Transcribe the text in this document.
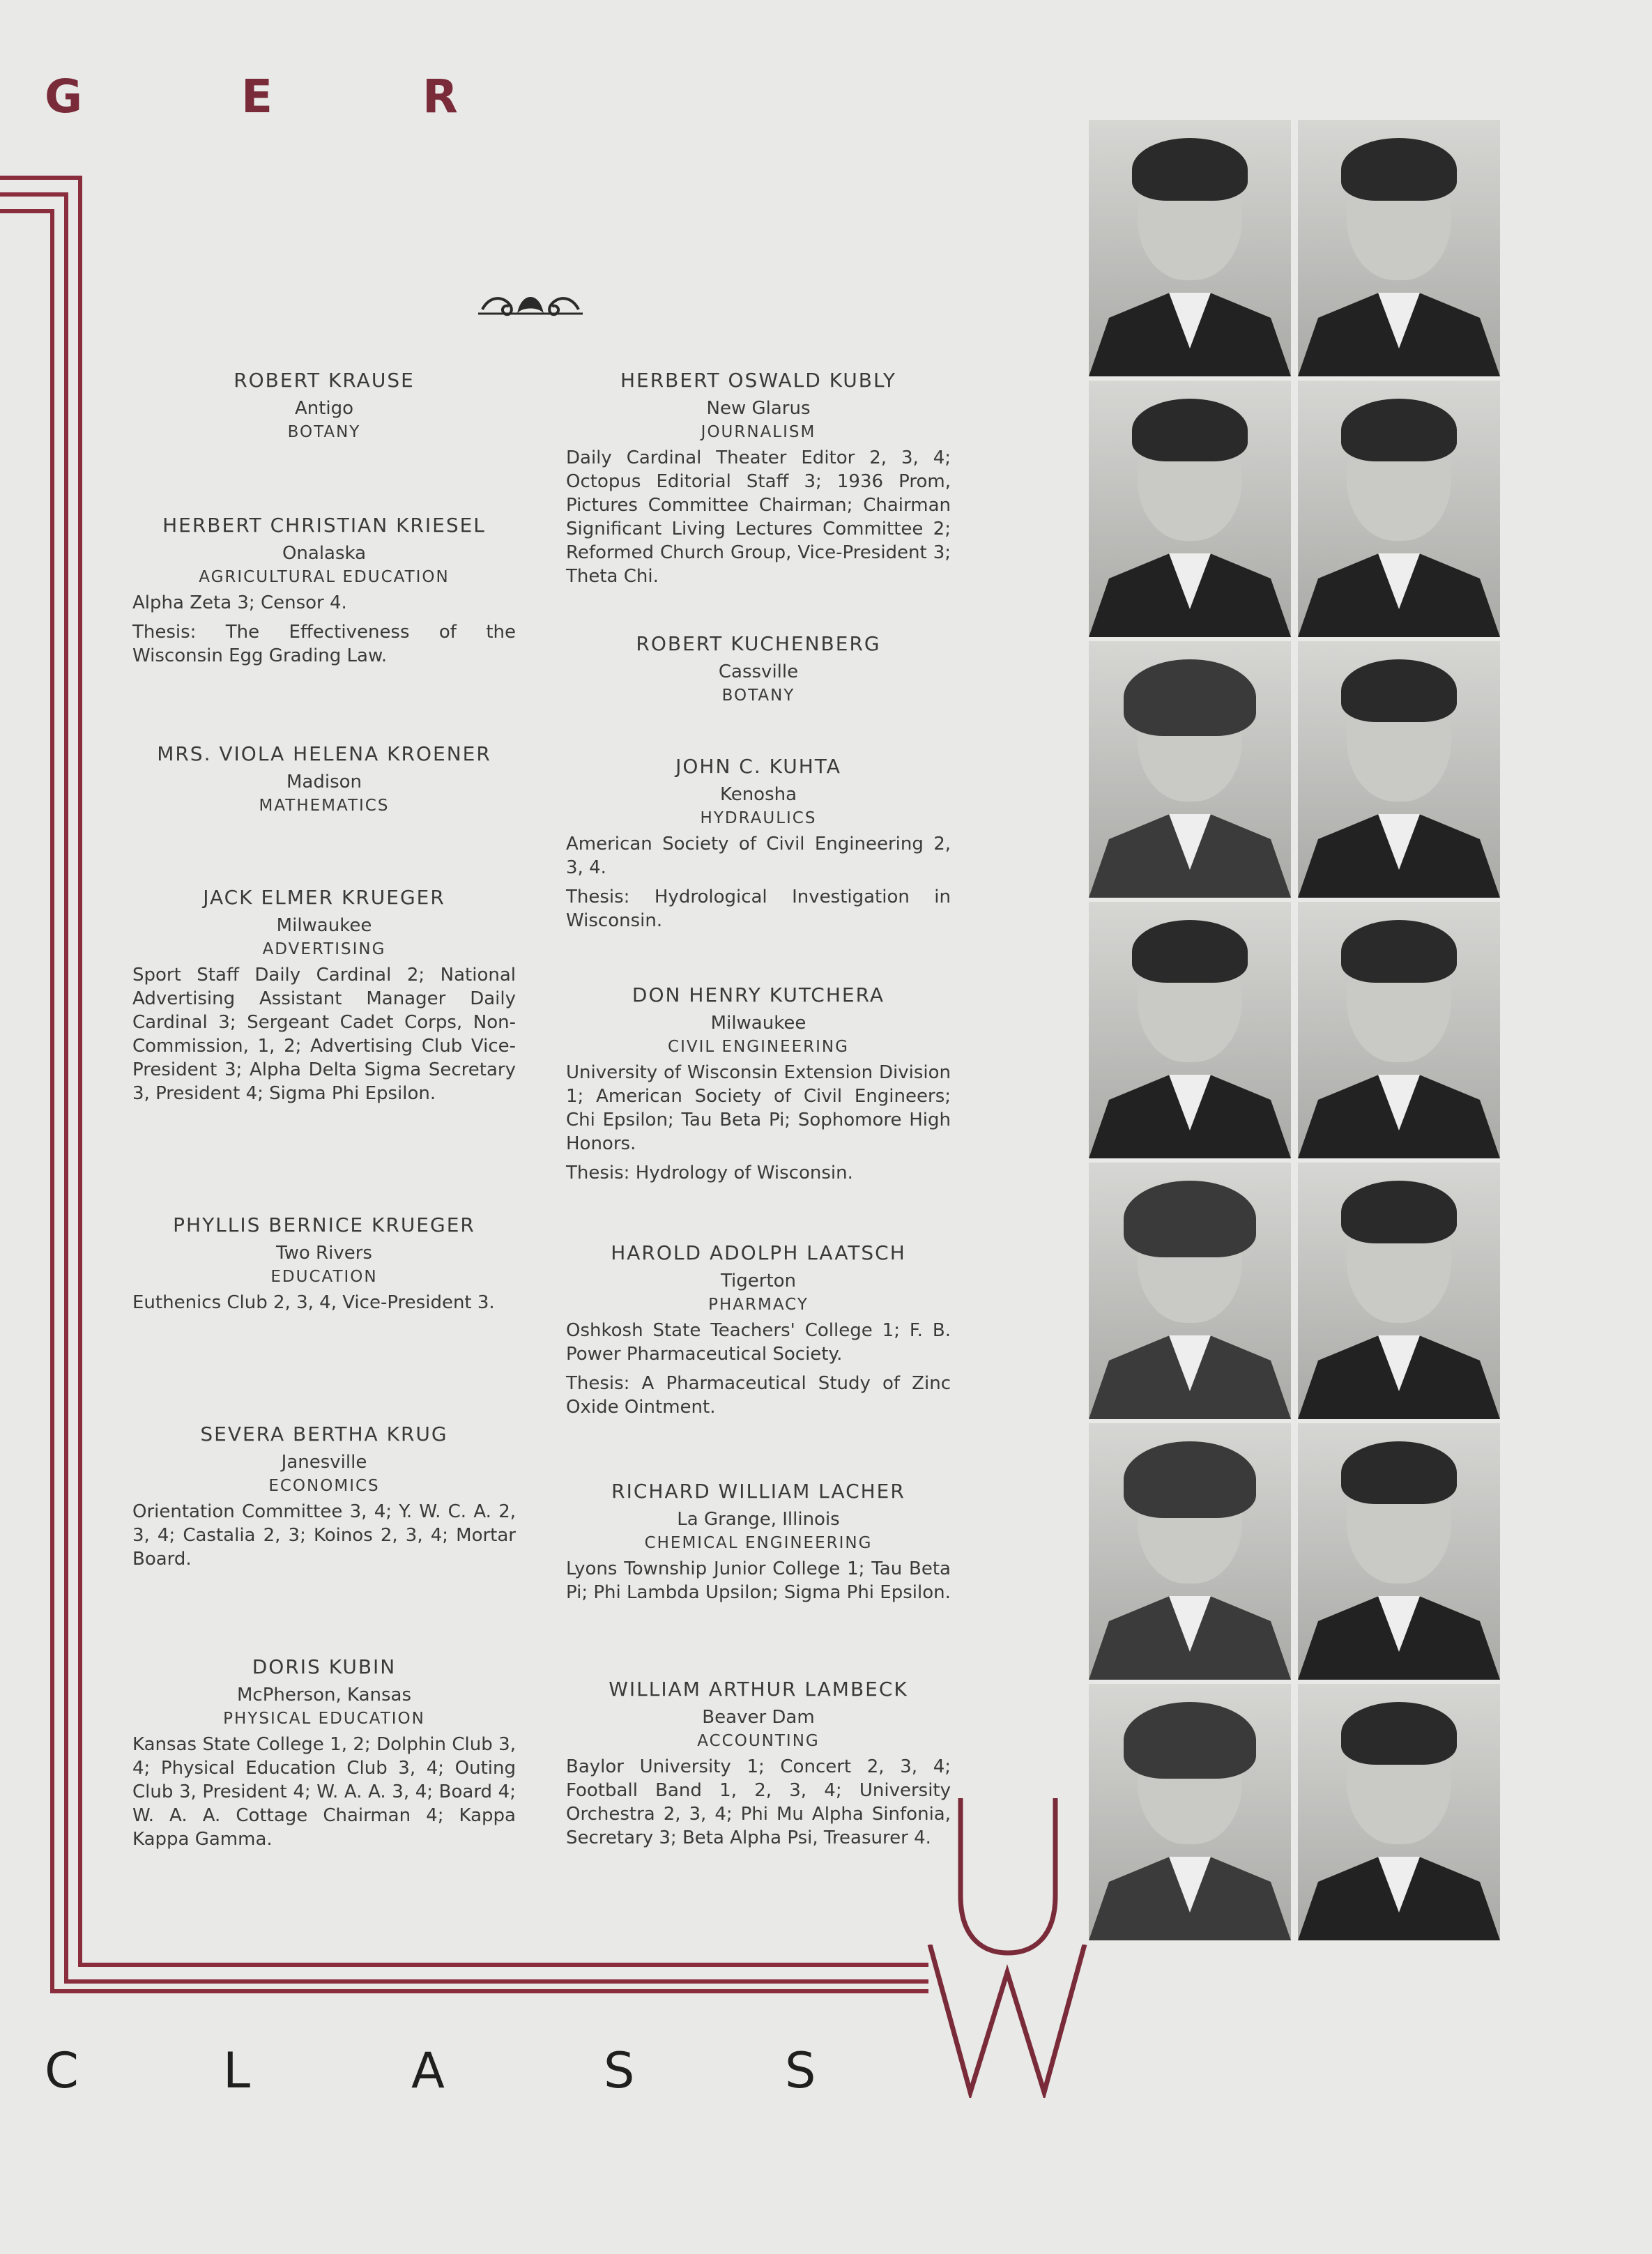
G	E	R
ROBERT KRAUSE
Antigo
BOTANY
HERBERT CHRISTIAN KRIESEL
Onalaska
AGRICULTURAL EDUCATION
Alpha Zeta 3; Censor 4.
Thesis: The Effectiveness of the Wisconsin Egg Grading Law.
MRS. VIOLA HELENA KROENER
Madison
MATHEMATICS
JACK ELMER KRUEGER
Milwaukee
ADVERTISING
Sport Staff Daily Cardinal 2; National Advertising Assistant Manager Daily Cardinal 3; Sergeant Cadet Corps, Non-Commission, 1, 2; Advertising Club Vice-President 3; Alpha Delta Sigma Secretary 3, President 4; Sigma Phi Epsilon.
PHYLLIS BERNICE KRUEGER
Two Rivers
EDUCATION
Euthenics Club 2, 3, 4, Vice-President 3.
SEVERA BERTHA KRUG
Janesville
ECONOMICS
Orientation Committee 3, 4; Y. W. C. A. 2, 3, 4; Castalia 2, 3; Koinos 2, 3, 4; Mortar Board.
DORIS KUBIN
McPherson, Kansas
PHYSICAL EDUCATION
Kansas State College 1, 2; Dolphin Club 3, 4; Physical Education Club 3, 4; Outing Club 3, President 4; W. A. A. 3, 4; Board 4; W. A. A. Cottage Chairman 4; Kappa Kappa Gamma.
HERBERT OSWALD KUBLY
New Glarus
JOURNALISM
Daily Cardinal Theater Editor 2, 3, 4; Octopus Editorial Staff 3; 1936 Prom, Pictures Committee Chairman; Chairman Significant Living Lectures Committee 2; Reformed Church Group, Vice-President 3; Theta Chi.
ROBERT KUCHENBERG
Cassville
BOTANY
JOHN C. KUHTA
Kenosha
HYDRAULICS
American Society of Civil Engineering 2, 3, 4.
Thesis: Hydrological Investigation in Wisconsin.
DON HENRY KUTCHERA
Milwaukee
CIVIL ENGINEERING
University of Wisconsin Extension Division 1; American Society of Civil Engineers; Chi Epsilon; Tau Beta Pi; Sophomore High Honors.
Thesis: Hydrology of Wisconsin.
HAROLD ADOLPH LAATSCH
Tigerton
PHARMACY
Oshkosh State Teachers' College 1; F. B. Power Pharmaceutical Society.
Thesis: A Pharmaceutical Study of Zinc Oxide Ointment.
RICHARD WILLIAM LACHER
La Grange, Illinois
CHEMICAL ENGINEERING
Lyons Township Junior College 1; Tau Beta Pi; Phi Lambda Upsilon; Sigma Phi Epsilon.
WILLIAM ARTHUR LAMBECK
Beaver Dam
ACCOUNTING
Baylor University 1; Concert 2, 3, 4; Football Band 1, 2, 3, 4; University Orchestra 2, 3, 4; Phi Mu Alpha Sinfonia, Secretary 3; Beta Alpha Psi, Treasurer 4.
C	L	A	S	S
